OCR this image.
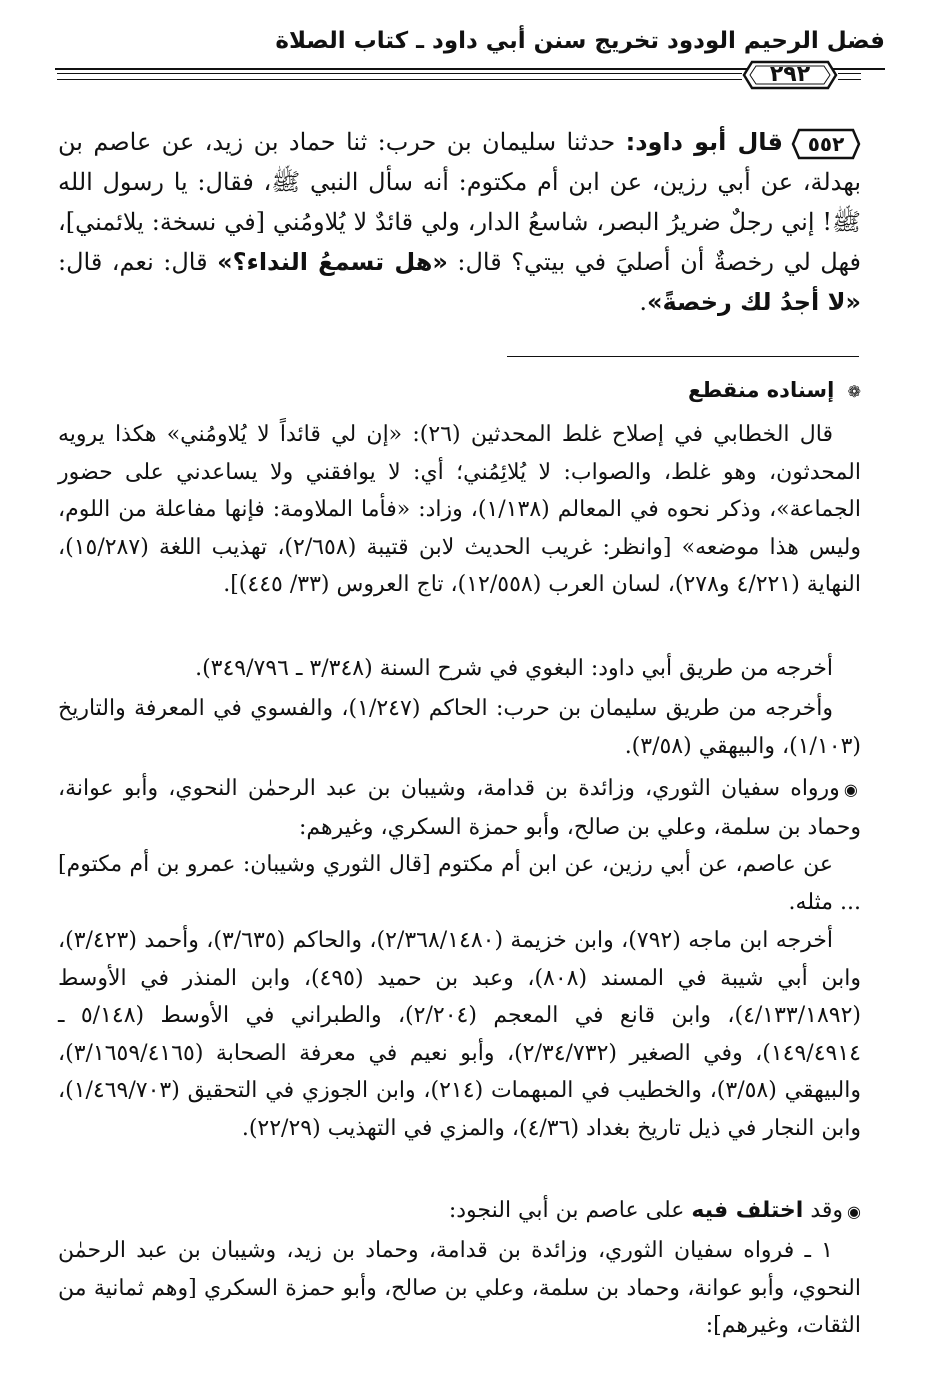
فضل الرحيم الودود تخريج سنن أبي داود ـ كتاب الصلاة
٢٩٢
٥٥٢
قال أبو داود: حدثنا سليمان بن حرب: ثنا حماد بن زيد، عن عاصم بن بهدلة، عن أبي رزين، عن ابن أم مكتوم: أنه سأل النبي ﷺ، فقال: يا رسول الله ﷺ! إني رجلٌ ضريرُ البصر، شاسعُ الدار، ولي قائدٌ لا يُلاومُني [في نسخة: يلائمني]، فهل لي رخصةٌ أن أصليَ في بيتي؟ قال: «هل تسمعُ النداء؟» قال: نعم، قال: «لا أجدُ لك رخصةً».
❁ إسناده منقطع

قال الخطابي في إصلاح غلط المحدثين (٢٦): «إن لي قائداً لا يُلاومُني» هكذا يرويه المحدثون، وهو غلط، والصواب: لا يُلائِمُني؛ أي: لا يوافقني ولا يساعدني على حضور الجماعة»، وذكر نحوه في المعالم (١/١٣٨)، وزاد: «فأما الملاومة: فإنها مفاعلة من اللوم، وليس هذا موضعه» [وانظر: غريب الحديث لابن قتيبة (٢/٦٥٨)، تهذيب اللغة (١٥/٢٨٧)، النهاية (٤/٢٢١ و٢٧٨)، لسان العرب (١٢/٥٥٨)، تاج العروس (٣٣/ ٤٤٥)].

أخرجه من طريق أبي داود: البغوي في شرح السنة (٣/٣٤٨ ـ ٣٤٩/٧٩٦).

وأخرجه من طريق سليمان بن حرب: الحاكم (١/٢٤٧)، والفسوي في المعرفة والتاريخ (١/١٠٣)، والبيهقي (٣/٥٨).

◉ورواه سفيان الثوري، وزائدة بن قدامة، وشيبان بن عبد الرحمٰن النحوي، وأبو عوانة، وحماد بن سلمة، وعلي بن صالح، وأبو حمزة السكري، وغيرهم:

عن عاصم، عن أبي رزين، عن ابن أم مكتوم [قال الثوري وشيبان: عمرو بن أم مكتوم] ... مثله.

أخرجه ابن ماجه (٧٩٢)، وابن خزيمة (٢/٣٦٨/١٤٨٠)، والحاكم (٣/٦٣٥)، وأحمد (٣/٤٢٣)، وابن أبي شيبة في المسند (٨٠٨)، وعبد بن حميد (٤٩٥)، وابن المنذر في الأوسط (٤/١٣٣/١٨٩٢)، وابن قانع في المعجم (٢/٢٠٤)، والطبراني في الأوسط (٥/١٤٨ ـ ١٤٩/٤٩١٤)، وفي الصغير (٢/٣٤/٧٣٢)، وأبو نعيم في معرفة الصحابة (٣/١٦٥٩/٤١٦٥)، والبيهقي (٣/٥٨)، والخطيب في المبهمات (٢١٤)، وابن الجوزي في التحقيق (١/٤٦٩/٧٠٣)، وابن النجار في ذيل تاريخ بغداد (٤/٣٦)، والمزي في التهذيب (٢٢/٢٩).

◉وقد اختلف فيه على عاصم بن أبي النجود:

١ ـ فرواه سفيان الثوري، وزائدة بن قدامة، وحماد بن زيد، وشيبان بن عبد الرحمٰن النحوي، وأبو عوانة، وحماد بن سلمة، وعلي بن صالح، وأبو حمزة السكري [وهم ثمانية من الثقات، وغيرهم]:
